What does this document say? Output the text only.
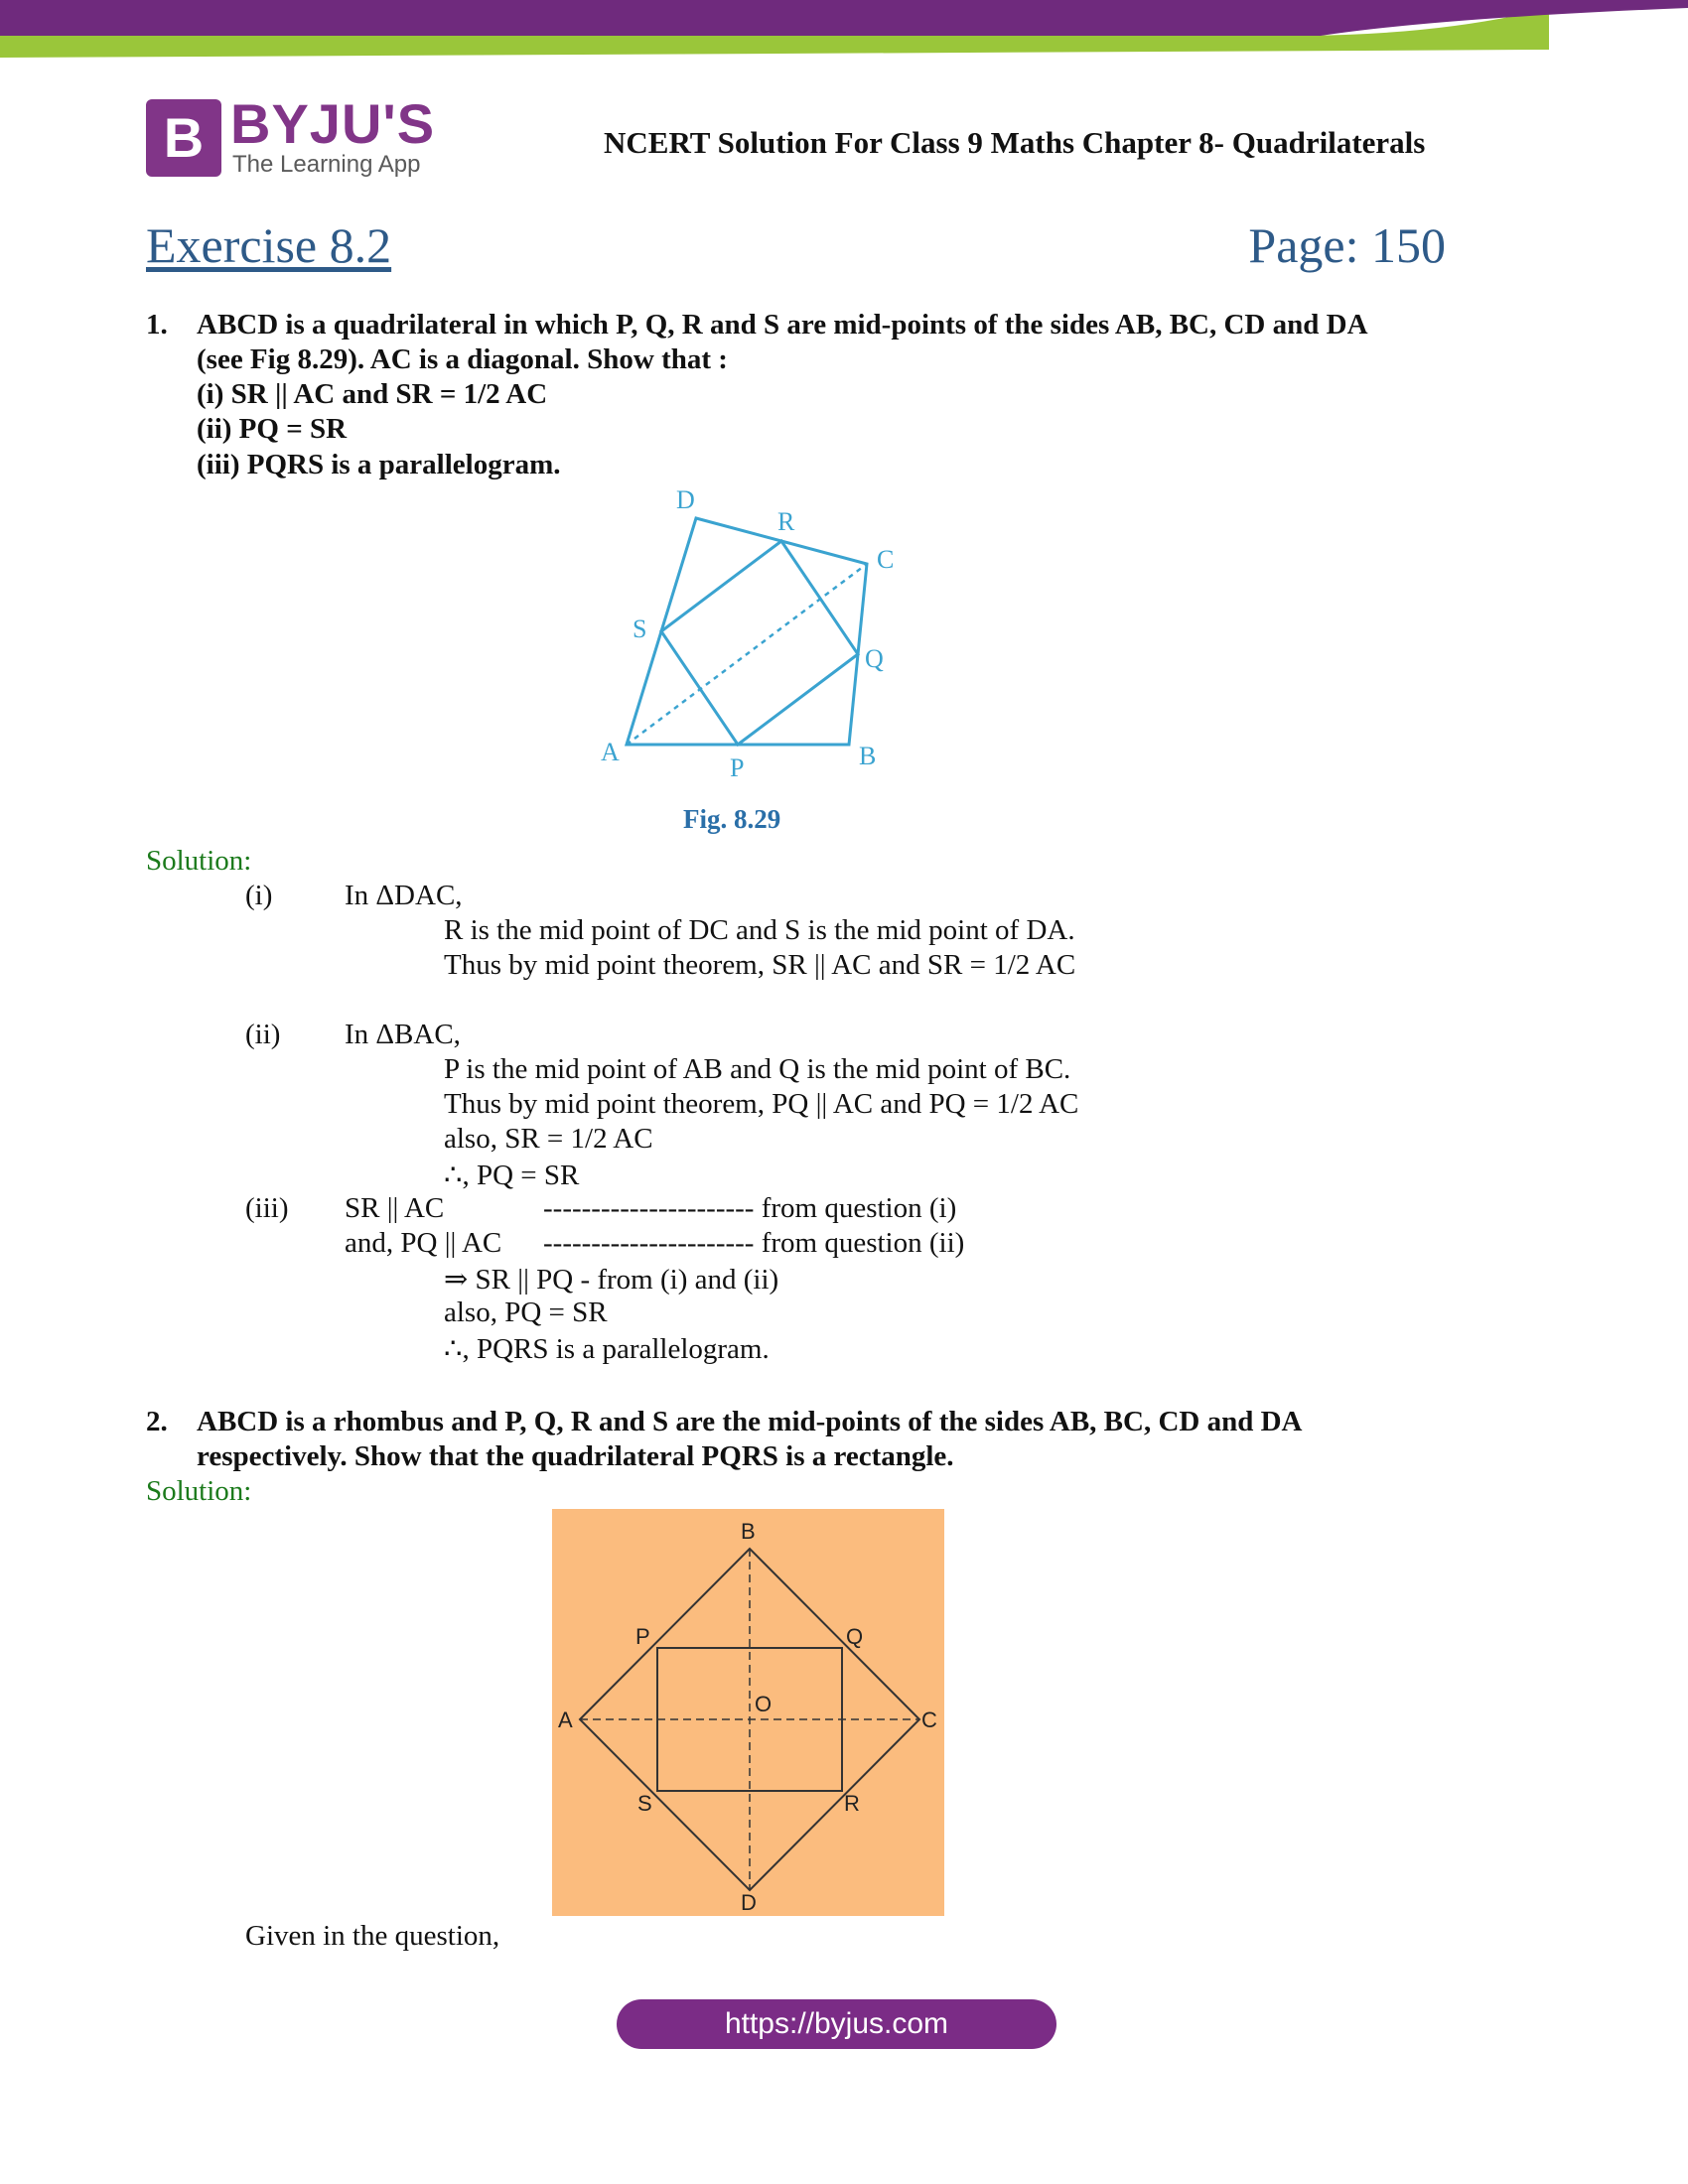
B BYJU'S
The Learning App
NCERT Solution For Class 9 Maths Chapter 8- Quadrilaterals
Exercise 8.2	Page: 150
1. ABCD is a quadrilateral in which P, Q, R and S are mid-points of the sides AB, BC, CD and DA
(see Fig 8.29). AC is a diagonal. Show that :
(i) SR || AC and SR = 1/2 AC
(ii) PQ = SR
(iii) PQRS is a parallelogram.
D
R
C
S
Q
A
P	B
Fig. 8.29
Solution:
(i)	In ΔDAC,
R is the mid point of DC and S is the mid point of DA.
Thus by mid point theorem, SR || AC and SR = 1/2 AC
(ii) In ΔBAC,
P is the mid point of AB and Q is the mid point of BC.
Thus by mid point theorem, PQ || AC and PQ = 1/2 AC
also, SR = 1/2 AC
∴, PQ = SR
(iii) SR || AC	---------------------- from question (i)
and, PQ || AC ---------------------- from question (ii)
⇒ SR || PQ - from (i) and (ii)
also, PQ = SR
∴, PQRS is a parallelogram.
2. ABCD is a rhombus and P, Q, R and S are the mid-points of the sides AB, BC, CD and DA
respectively. Show that the quadrilateral PQRS is a rectangle.
Solution:
B
P	Q
O
A	C
S	R
D
Given in the question,
https://byjus.com
